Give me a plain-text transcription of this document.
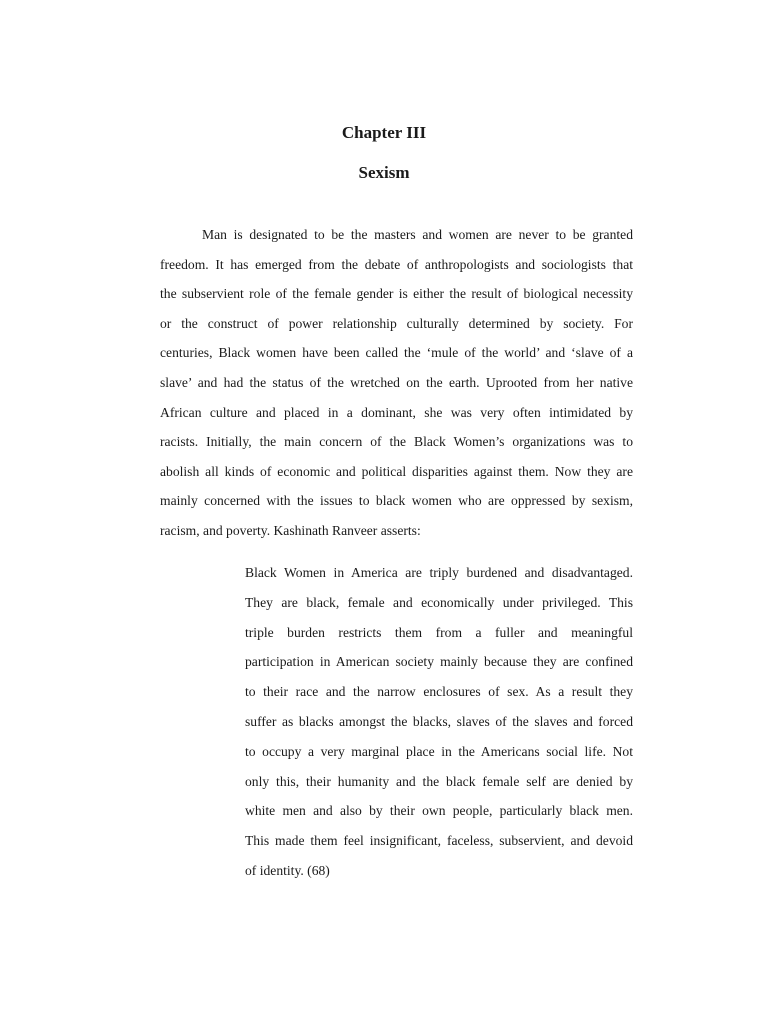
Chapter III
Sexism
Man is designated to be the masters and women are never to be granted
freedom. It has emerged from the debate of anthropologists and sociologists that
the subservient role of the female gender is either the result of biological necessity
or the construct of power relationship culturally determined by society. For
centuries, Black women have been called the ‘mule of the world’ and ‘slave of a
slave’ and had the status of the wretched on the earth. Uprooted from her native
African culture and placed in a dominant, she was very often intimidated by
racists. Initially, the main concern of the Black Women’s organizations was to
abolish all kinds of economic and political disparities against them. Now they are
mainly concerned with the issues to black women who are oppressed by sexism,
racism, and poverty. Kashinath Ranveer asserts:
Black Women in America are triply burdened and disadvantaged.
They are black, female and economically under privileged. This
triple burden restricts them from a fuller and meaningful
participation in American society mainly because they are confined
to their race and the narrow enclosures of sex. As a result they
suffer as blacks amongst the blacks, slaves of the slaves and forced
to occupy a very marginal place in the Americans social life. Not
only this, their humanity and the black female self are denied by
white men and also by their own people, particularly black men.
This made them feel insignificant, faceless, subservient, and devoid
of identity. (68)
